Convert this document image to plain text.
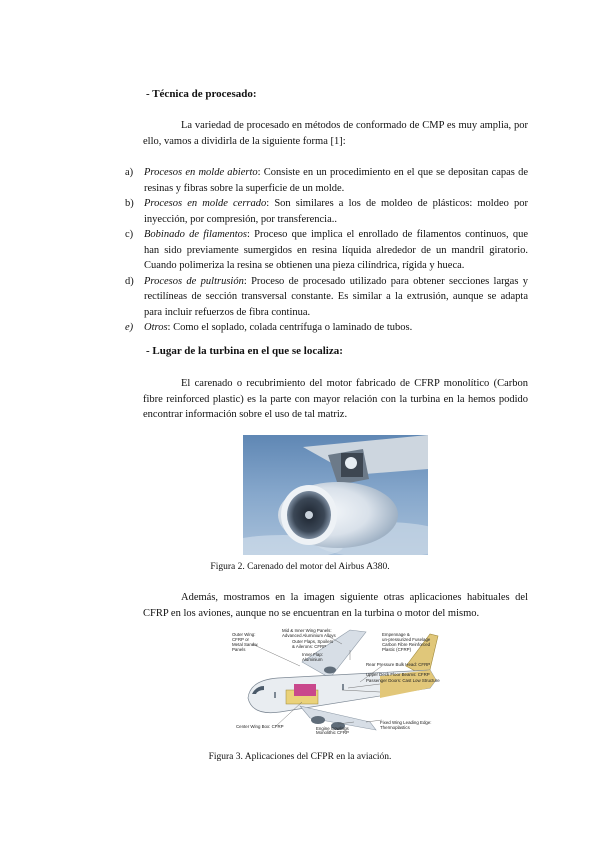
- Técnica de procesado:
La variedad de procesado en métodos de conformado de CMP es muy amplia, por ello, vamos a dividirla de la siguiente forma [1]:
a) Procesos en molde abierto: Consiste en un procedimiento en el que se depositan capas de resinas y fibras sobre la superficie de un molde.
b) Procesos en molde cerrado: Son similares a los de moldeo de plásticos: moldeo por inyección, por compresión, por transferencia..
c) Bobinado de filamentos: Proceso que implica el enrollado de filamentos continuos, que han sido previamente sumergidos en resina líquida alrededor de un mandril giratorio. Cuando polimeriza la resina se obtienen una pieza cilíndrica, rígida y hueca.
d) Procesos de pultrusión: Proceso de procesado utilizado para obtener secciones largas y rectilíneas de sección transversal constante. Es similar a la extrusión, aunque se adapta para incluir refuerzos de fibra continua.
e) Otros: Como el soplado, colada centrífuga o laminado de tubos.
- Lugar de la turbina en el que se localiza:
El carenado o recubrimiento del motor fabricado de CFRP monolítico (Carbon fibre reinforced plastic) es la parte con mayor relación con la turbina en la hemos podido encontrar información sobre el uso de tal matriz.
Figura 2. Carenado del motor del Airbus A380.
Además, mostramos en la imagen siguiente otras aplicaciones habituales del CFRP en los aviones, aunque no se encuentran en la turbina o motor del mismo.
Outer Wing:
CFRP or
Metal Sandw.
Panels
Mid & Inner Wing Panels:
Advanced Aluminium Alloys
Outer Flaps, Spoilers
& Ailerons: CFRP
Inner Flap:
Aluminium
Empennage &
un-pressurized Fuselage
Carbon Fibre Reinforced
Plastic (CFRP)
Rear Pressure Bulk Head: CFRP
Upper Deck Floor Beams: CFRP
Passenger Doors: Cast Low Structure
Center Wing Box: CFRP	Engine Cowlings
Monolithic CFRP
Fixed Wing Leading Edge:
Thermoplastics
Figura 3. Aplicaciones del CFPR en la aviación.
